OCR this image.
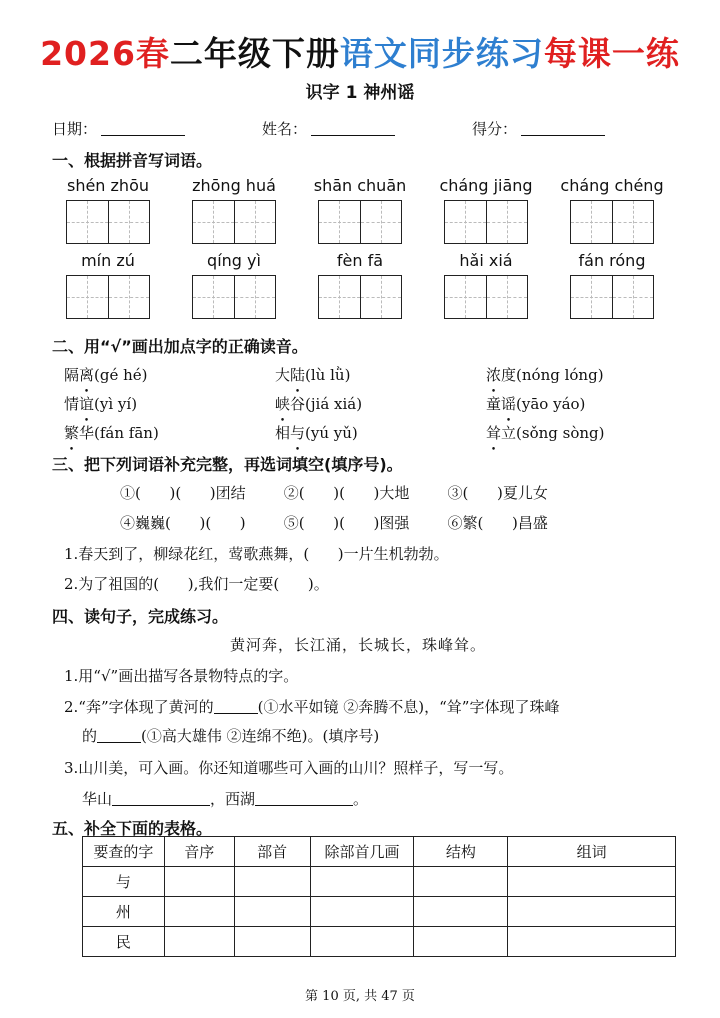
2026春二年级下册语文同步练习每课一练
识字 1 神州谣
日期：	姓名：	得分：
一、根据拼音写词语。
shén zhōu	zhōng huá	shān chuān	cháng jiāng	cháng chéng
mín zú	qíng yì	fèn fā	hǎi xiá	fán róng
二、用“√”画出加点字的正确读音。
隔离(gé hé)	大陆(lù lǜ)	浓度(nóng lóng)
情谊(yì yí)	峡谷(jiá xiá)	童谣(yāo yáo)
繁华(fán fān)	相与(yú yǔ)	耸立(sǒng sòng)
三、把下列词语补充完整，再选词填空(填序号)。
①(      )(      )团结        ②(      )(      )大地        ③(      )夏儿女
④巍巍(      )(      )        ⑤(      )(      )图强        ⑥繁(      )昌盛
1.春天到了，柳绿花红，莺歌燕舞，(      )一片生机勃勃。
2.为了祖国的(      ),我们一定要(      )。
四、读句子，完成练习。
黄河奔，长江涌，长城长，珠峰耸。
1.用“√”画出描写各景物特点的字。
2.“奔”字体现了黄河的	(①水平如镜 ②奔腾不息)，“耸”字体现了珠峰
的	(①高大雄伟 ②连绵不绝)。(填序号)
3.山川美，可入画。你还知道哪些可入画的山川？照样子，写一写。
华山	，西湖	。
五、补全下面的表格。
要查的字	音序	部首	除部首几画	结构	组词
与					
州					
民					
第 10 页, 共 47 页
